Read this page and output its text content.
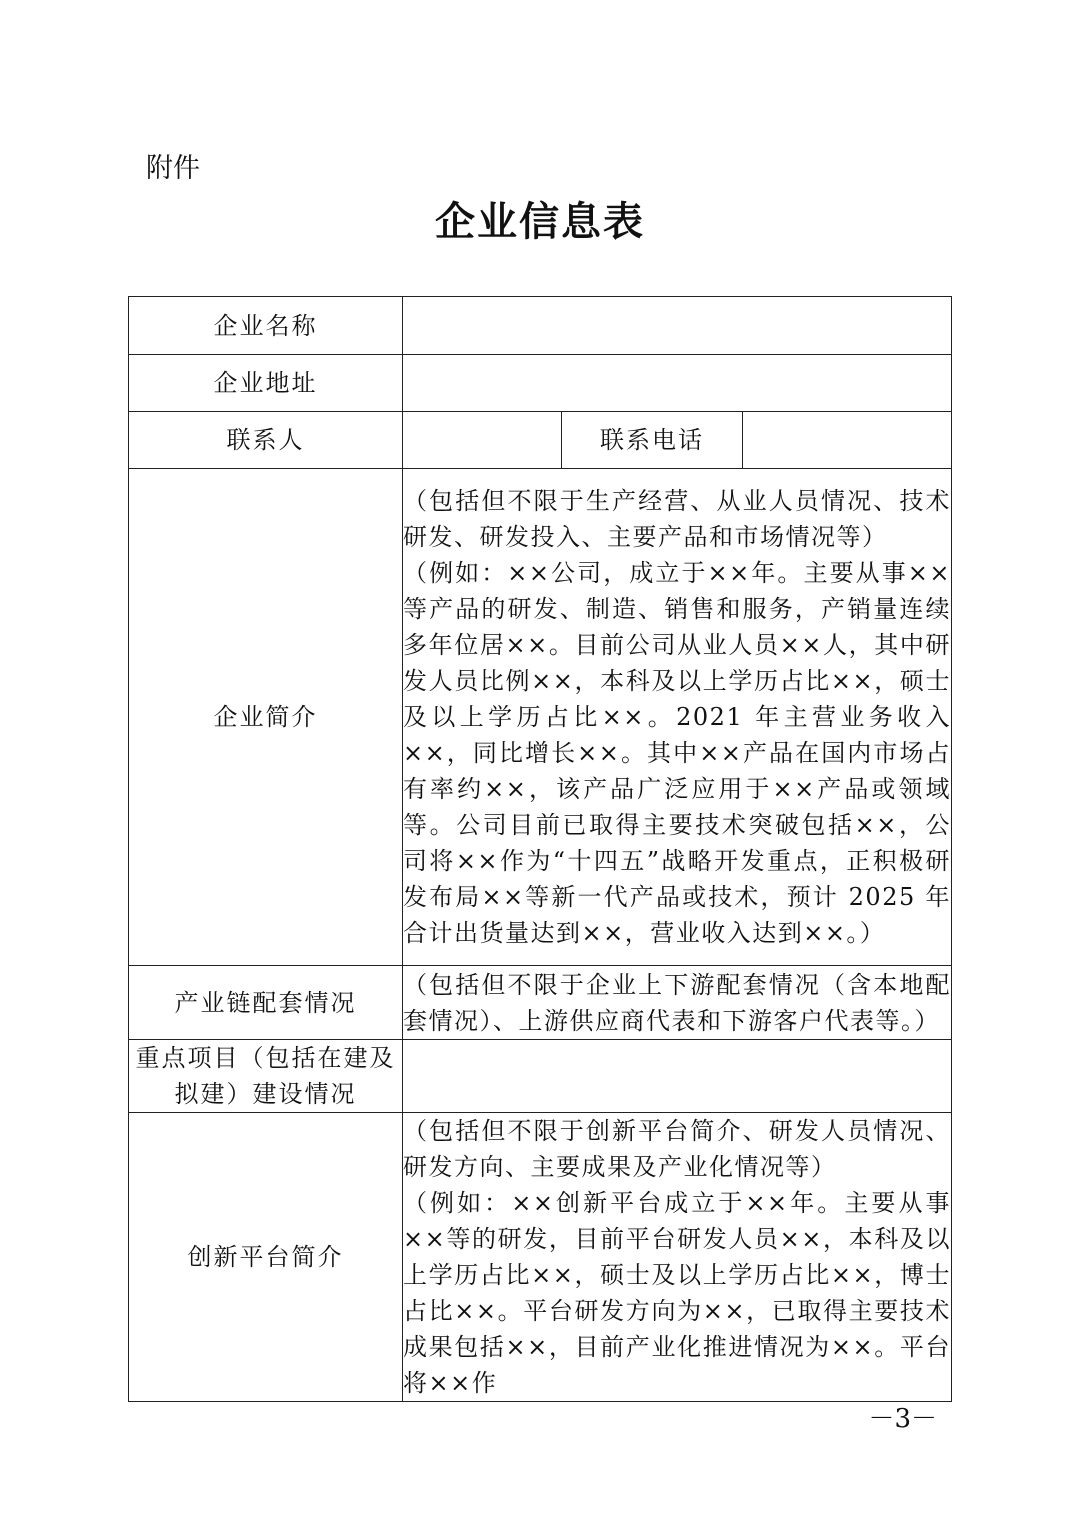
附件
企业信息表
企业名称			
企业地址			
联系人		联系电话	
企业简介	（包括但不限于生产经营、从业人员情况、技术研发、研发投入、主要产品和市场情况等）
（例如：××公司，成立于××年。主要从事××等产品的研发、制造、销售和服务，产销量连续多年位居××。目前公司从业人员××人，其中研发人员比例××，本科及以上学历占比××，硕士及以上学历占比××。2021 年主营业务收入××，同比增长××。其中××产品在国内市场占有率约××，该产品广泛应用于××产品或领域等。公司目前已取得主要技术突破包括××，公司将××作为“十四五”战略开发重点，正积极研发布局××等新一代产品或技术，预计 2025 年合计出货量达到××，营业收入达到××。）		

产业链配套情况	（包括但不限于企业上下游配套情况（含本地配套情况）、上游供应商代表和下游客户代表等。）		

重点项目（包括在建及
拟建）建设情况			

创新平台简介	（包括但不限于创新平台简介、研发人员情况、研发方向、主要成果及产业化情况等）
（例如：××创新平台成立于××年。主要从事××等的研发，目前平台研发人员××，本科及以上学历占比××，硕士及以上学历占比××，博士占比××。平台研发方向为××，已取得主要技术成果包括××，目前产业化推进情况为××。平台将××作		
－3－
